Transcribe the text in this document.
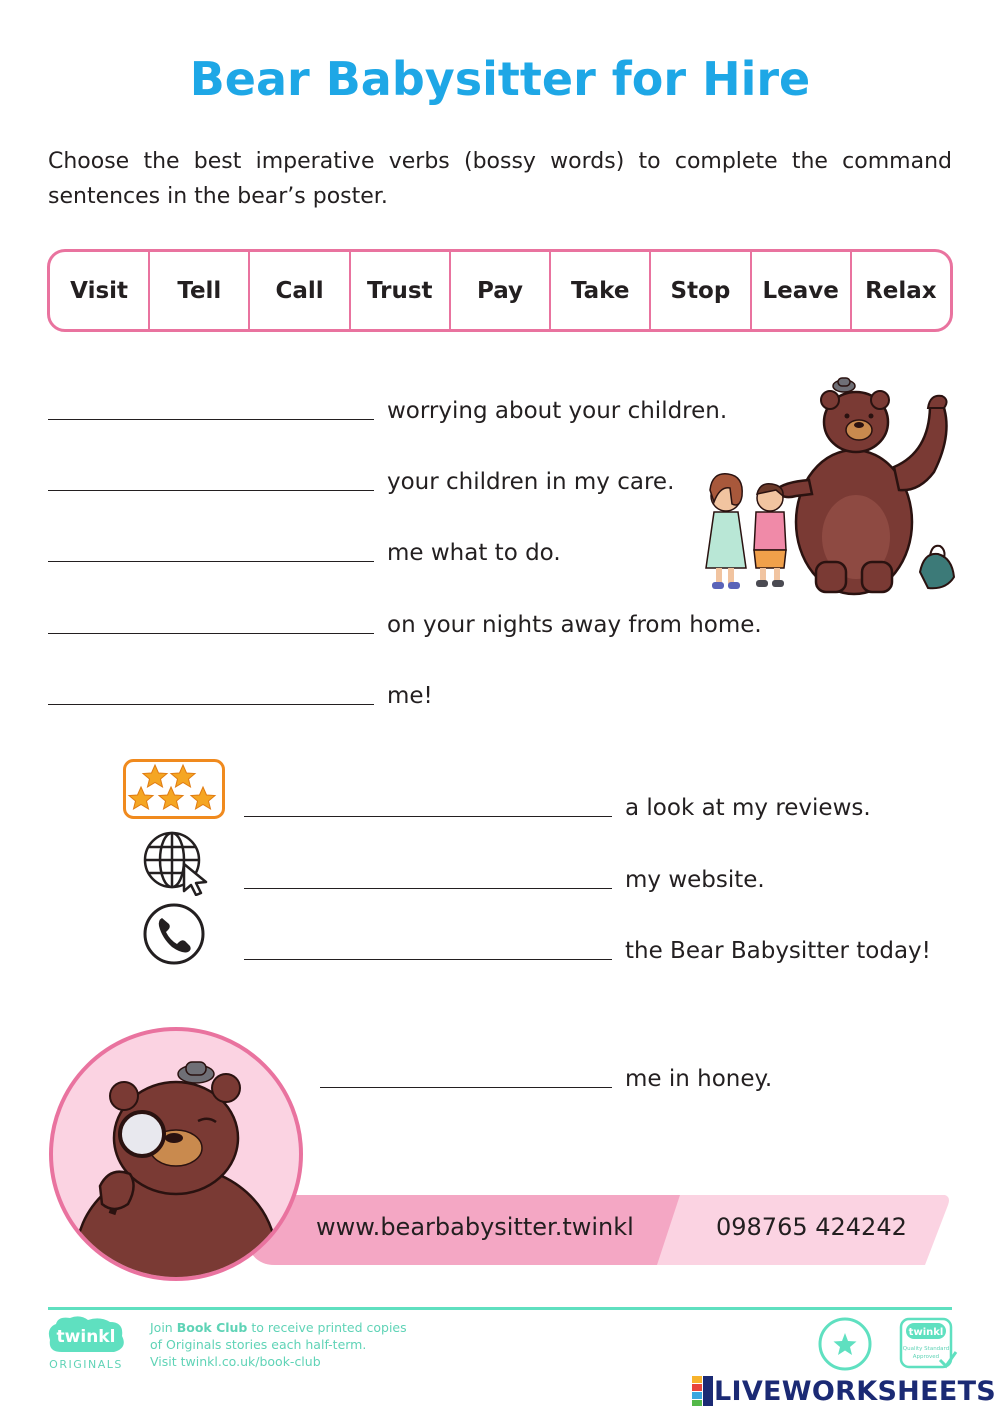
Bear Babysitter for Hire
Choose the best imperative verbs (bossy words) to complete the command sentences in the bear’s poster.
Visit	Tell	Call	Trust	Pay	Take	Stop	Leave	Relax
worrying about your children.
your children in my care.
me what to do.
on your nights away from home.
me!
a look at my reviews.
my website.
the Bear Babysitter today!
me in honey.
www.bearbabysitter.twinkl	098765 424242
twinkl
ORIGINALS
Join Book Club to receive printed copies
of Originals stories each half-term.
Visit twinkl.co.uk/book-club
twinkl
Quality Standard
Approved
LIVEWORKSHEETS
